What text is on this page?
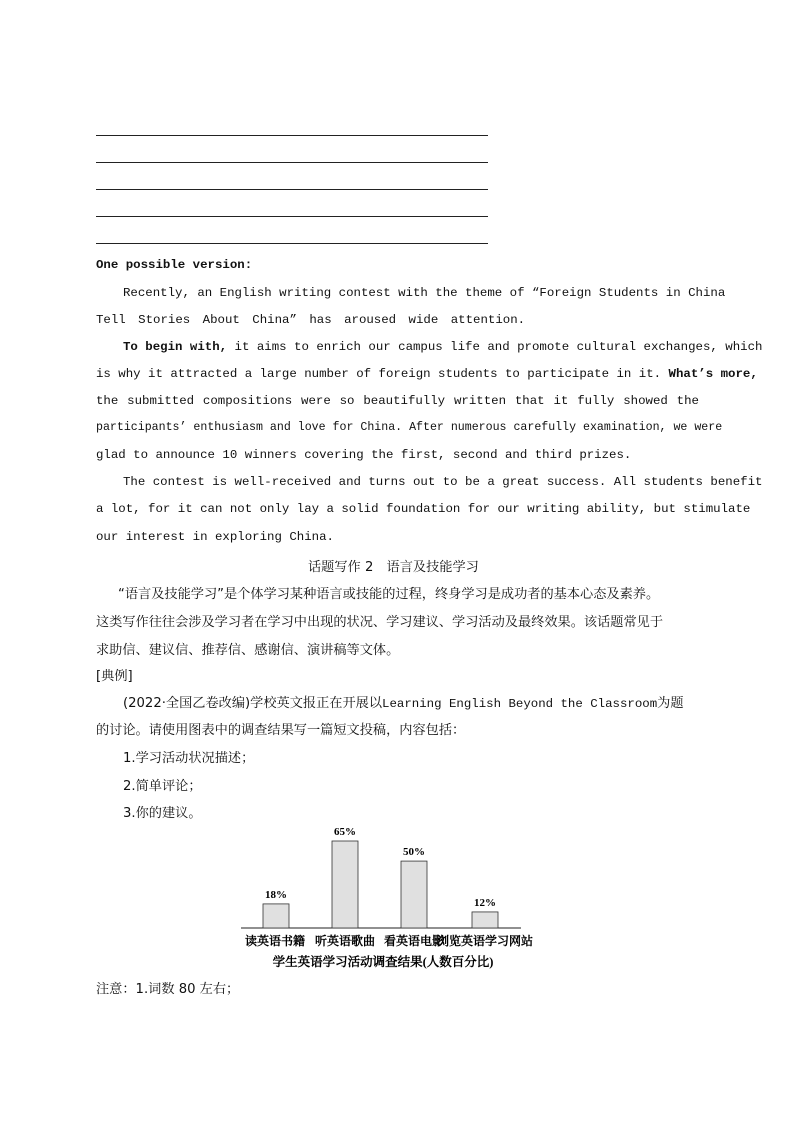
One possible version:
Recently, an English writing contest with the theme of “Foreign Students in China
Tell Stories About China” has aroused wide attention.
To begin with, it aims to enrich our campus life and promote cultural exchanges, which
is why it attracted a large number of foreign students to participate in it. What’s more,
the submitted compositions were so beautifully written that it fully showed the
participants’ enthusiasm and love for China. After numerous carefully examination, we were
glad to announce 10 winners covering the first, second and third prizes.
The contest is well-received and turns out to be a great success. All students benefit
a lot, for it can not only lay a solid foundation for our writing ability, but stimulate
our interest in exploring China.
话题写作 2　语言及技能学习
“语言及技能学习”是个体学习某种语言或技能的过程，终身学习是成功者的基本心态及素养。
这类写作往往会涉及学习者在学习中出现的状况、学习建议、学习活动及最终效果。该话题常见于
求助信、建议信、推荐信、感谢信、演讲稿等文体。
[典例]
(2022·全国乙卷改编)学校英文报正在开展以Learning English Beyond the Classroom为题
的讨论。请使用图表中的调查结果写一篇短文投稿，内容包括：
1.学习活动状况描述；
2.简单评论；
3.你的建议。
18%
65%
50%
12%
读英语书籍 听英语歌曲 看英语电影
浏览英语学习网站
学生英语学习活动调查结果(人数百分比)
注意：1.词数 80 左右；
